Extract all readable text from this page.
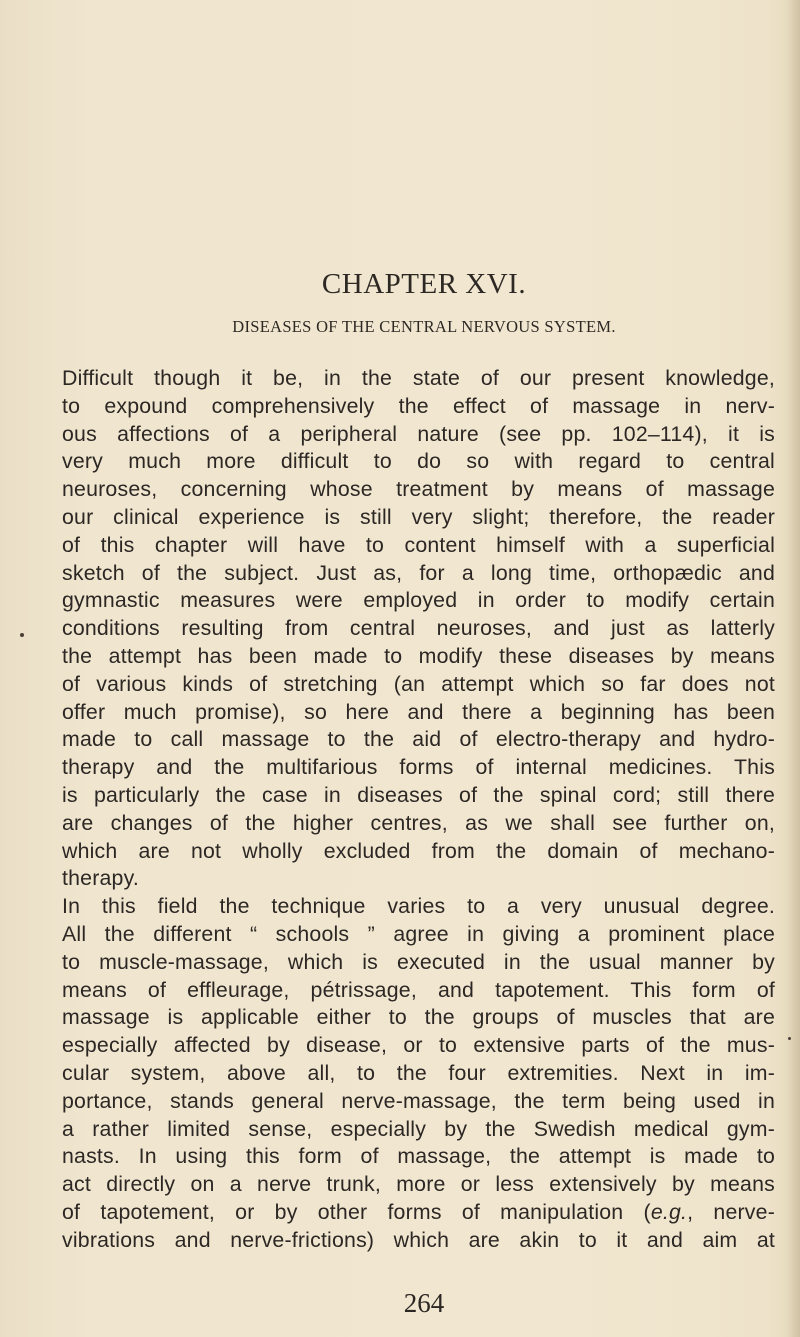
CHAPTER XVI.
DISEASES OF THE CENTRAL NERVOUS SYSTEM.
Difficult though it be, in the state of our present knowledge,
to expound comprehensively the effect of massage in nerv-
ous affections of a peripheral nature (see pp. 102–114), it is
very much more difficult to do so with regard to central
neuroses, concerning whose treatment by means of massage
our clinical experience is still very slight; therefore, the reader
of this chapter will have to content himself with a superficial
sketch of the subject. Just as, for a long time, orthopædic and
gymnastic measures were employed in order to modify certain
conditions resulting from central neuroses, and just as latterly
the attempt has been made to modify these diseases by means
of various kinds of stretching (an attempt which so far does not
offer much promise), so here and there a beginning has been
made to call massage to the aid of electro-therapy and hydro-
therapy and the multifarious forms of internal medicines. This
is particularly the case in diseases of the spinal cord; still there
are changes of the higher centres, as we shall see further on,
which are not wholly excluded from the domain of mechano-
therapy.
In this field the technique varies to a very unusual degree.
All the different “ schools ” agree in giving a prominent place
to muscle-massage, which is executed in the usual manner by
means of effleurage, pétrissage, and tapotement. This form of
massage is applicable either to the groups of muscles that are
especially affected by disease, or to extensive parts of the mus-
cular system, above all, to the four extremities. Next in im-
portance, stands general nerve-massage, the term being used in
a rather limited sense, especially by the Swedish medical gym-
nasts. In using this form of massage, the attempt is made to
act directly on a nerve trunk, more or less extensively by means
of tapotement, or by other forms of manipulation (e.g., nerve-
vibrations and nerve-frictions) which are akin to it and aim at
264
